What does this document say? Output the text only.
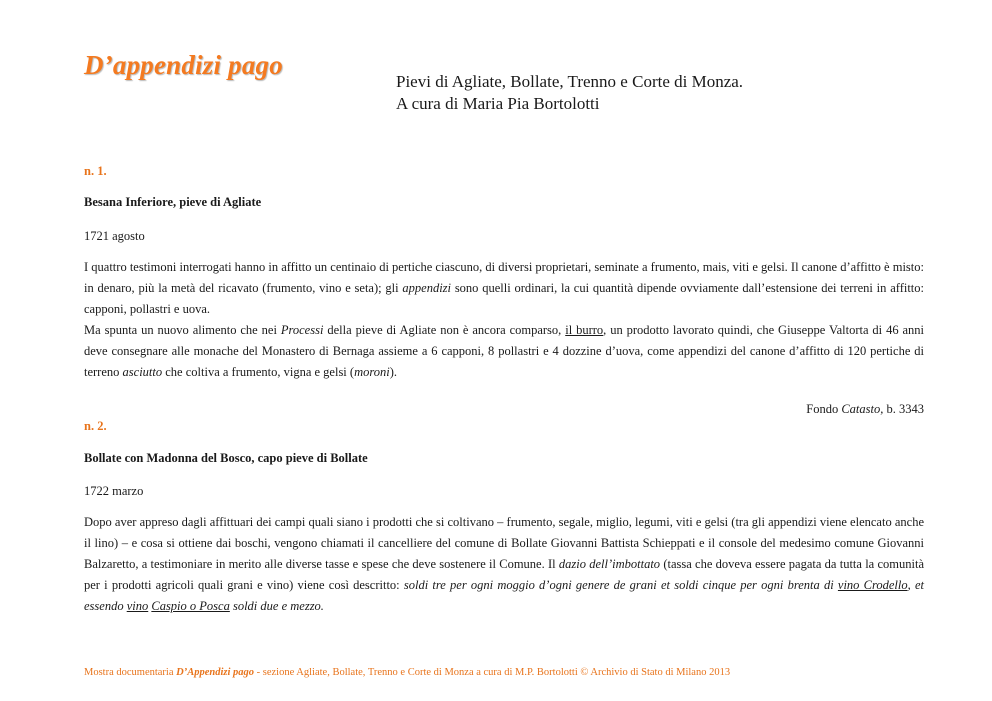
D’appendizi pago
Pievi di Agliate, Bollate, Trenno e Corte di Monza.
A cura di Maria Pia Bortolotti
n. 1.
Besana Inferiore, pieve di Agliate
1721 agosto

I quattro testimoni interrogati hanno in affitto un centinaio di pertiche ciascuno, di diversi proprietari, seminate a frumento, mais, viti e gelsi. Il canone d’affitto è misto: in denaro, più la metà del ricavato (frumento, vino e seta); gli appendizi sono quelli ordinari, la cui quantità dipende ovviamente dall’estensione dei terreni in affitto: capponi, pollastri e uova.

Ma spunta un nuovo alimento che nei Processi della pieve di Agliate non è ancora comparso, il burro, un prodotto lavorato quindi, che Giuseppe Valtorta di 46 anni deve consegnare alle monache del Monastero di Bernaga assieme a 6 capponi, 8 pollastri e 4 dozzine d’uova, come appendizi del canone d’affitto di 120 pertiche di terreno asciutto che coltiva a frumento, vigna e gelsi (moroni).

Fondo Catasto, b. 3343
n. 2.
Bollate con Madonna del Bosco, capo pieve di Bollate
1722 marzo

Dopo aver appreso dagli affittuari dei campi quali siano i prodotti che si coltivano – frumento, segale, miglio, legumi, viti e gelsi (tra gli appendizi viene elencato anche il lino) – e cosa si ottiene dai boschi, vengono chiamati il cancelliere del comune di Bollate Giovanni Battista Schieppati e il console del medesimo comune Giovanni Balzaretto, a testimoniare in merito alle diverse tasse e spese che deve sostenere il Comune. Il dazio dell’imbottato (tassa che doveva essere pagata da tutta la comunità per i prodotti agricoli quali grani e vino) viene così descritto: soldi tre per ogni moggio d’ogni genere de grani et soldi cinque per ogni brenta di vino Crodello, et essendo vino Caspio o Posca soldi due e mezzo.

Mostra documentaria D’Appendizi pago - sezione Agliate, Bollate, Trenno e Corte di Monza a cura di M.P. Bortolotti © Archivio di Stato di Milano 2013
